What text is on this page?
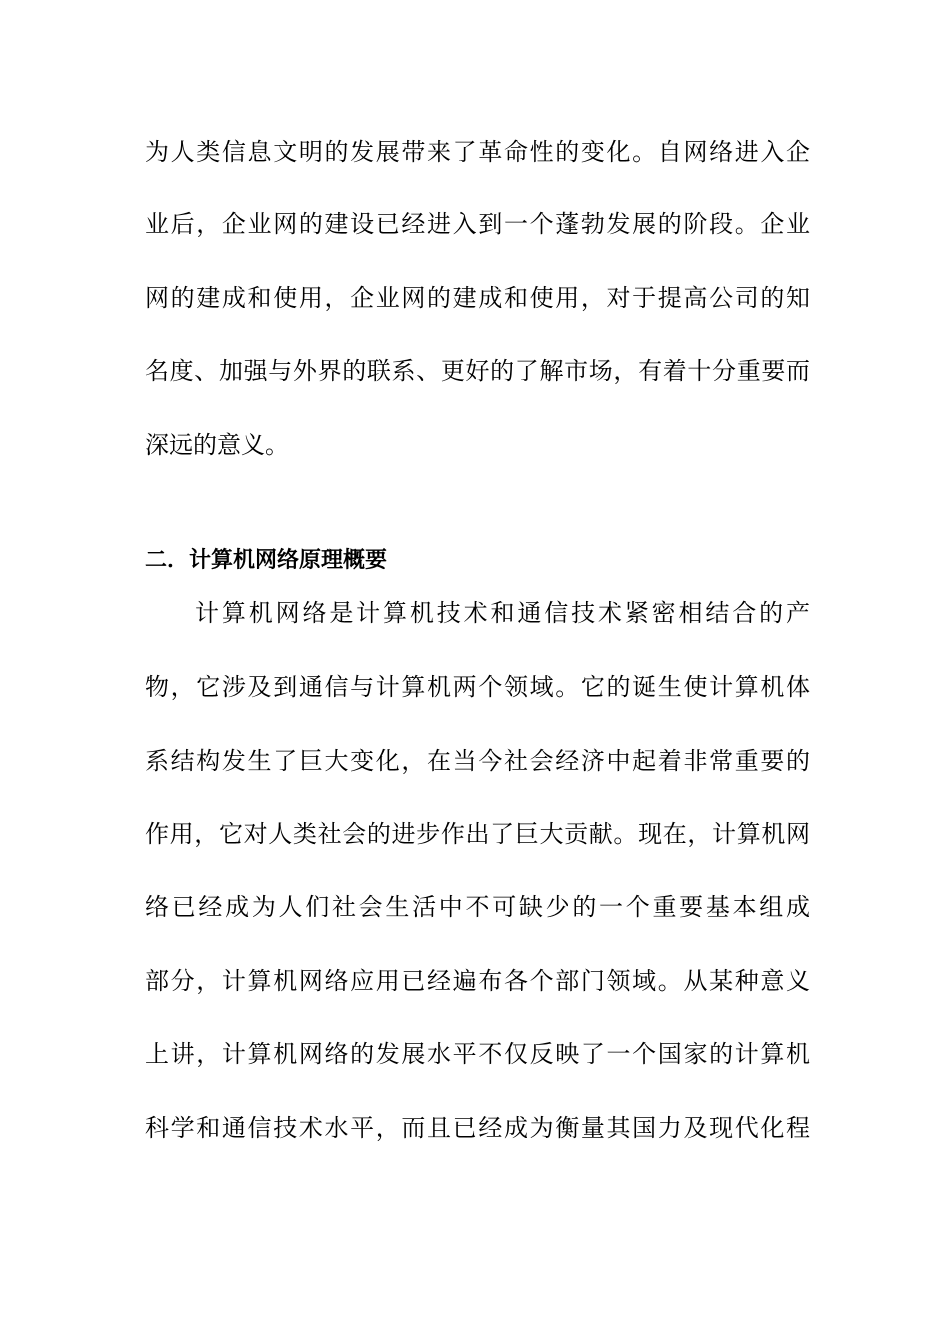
为人类信息文明的发展带来了革命性的变化。自网络进入企
业后，企业网的建设已经进入到一个蓬勃发展的阶段。企业
网的建成和使用，企业网的建成和使用，对于提高公司的知
名度、加强与外界的联系、更好的了解市场，有着十分重要而
深远的意义。
二．计算机网络原理概要
计算机网络是计算机技术和通信技术紧密相结合的产
物，它涉及到通信与计算机两个领域。它的诞生使计算机体
系结构发生了巨大变化，在当今社会经济中起着非常重要的
作用，它对人类社会的进步作出了巨大贡献。现在，计算机网
络已经成为人们社会生活中不可缺少的一个重要基本组成
部分，计算机网络应用已经遍布各个部门领域。从某种意义
上讲，计算机网络的发展水平不仅反映了一个国家的计算机
科学和通信技术水平，而且已经成为衡量其国力及现代化程
